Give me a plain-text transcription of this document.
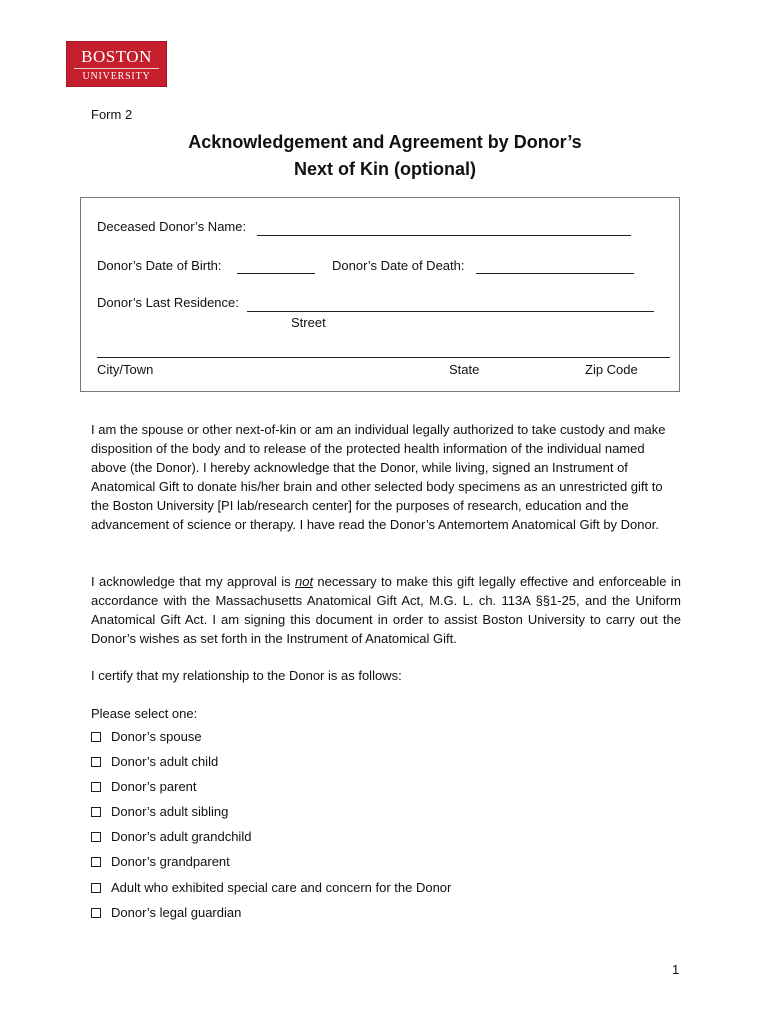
BOSTON
UNIVERSITY
Form 2
Acknowledgement and Agreement by Donor’s
Next of Kin (optional)
Deceased Donor’s Name:
Donor’s Date of Birth:	Donor’s Date of Death:
Donor’s Last Residence:
Street
City/Town	State	Zip Code

I am the spouse or other next-of-kin or am an individual legally authorized to take custody and make disposition of the body and to release of the protected health information of the individual named above (the Donor). I hereby acknowledge that the Donor, while living, signed an Instrument of Anatomical Gift to donate his/her brain and other selected body specimens as an unrestricted gift to the Boston University [PI lab/research center] for the purposes of research, education and the advancement of science or therapy. I have read the Donor’s Antemortem Anatomical Gift by Donor.

I acknowledge that my approval is not necessary to make this gift legally effective and enforceable in accordance with the Massachusetts Anatomical Gift Act, M.G. L. ch. 113A §§1-25, and the Uniform Anatomical Gift Act. I am signing this document in order to assist Boston University to carry out the Donor’s wishes as set forth in the Instrument of Anatomical Gift.

I certify that my relationship to the Donor is as follows:

Please select one:

Donor’s spouse
Donor’s adult child
Donor’s parent
Donor’s adult sibling
Donor’s adult grandchild
Donor’s grandparent
Adult who exhibited special care and concern for the Donor
Donor’s legal guardian
1
